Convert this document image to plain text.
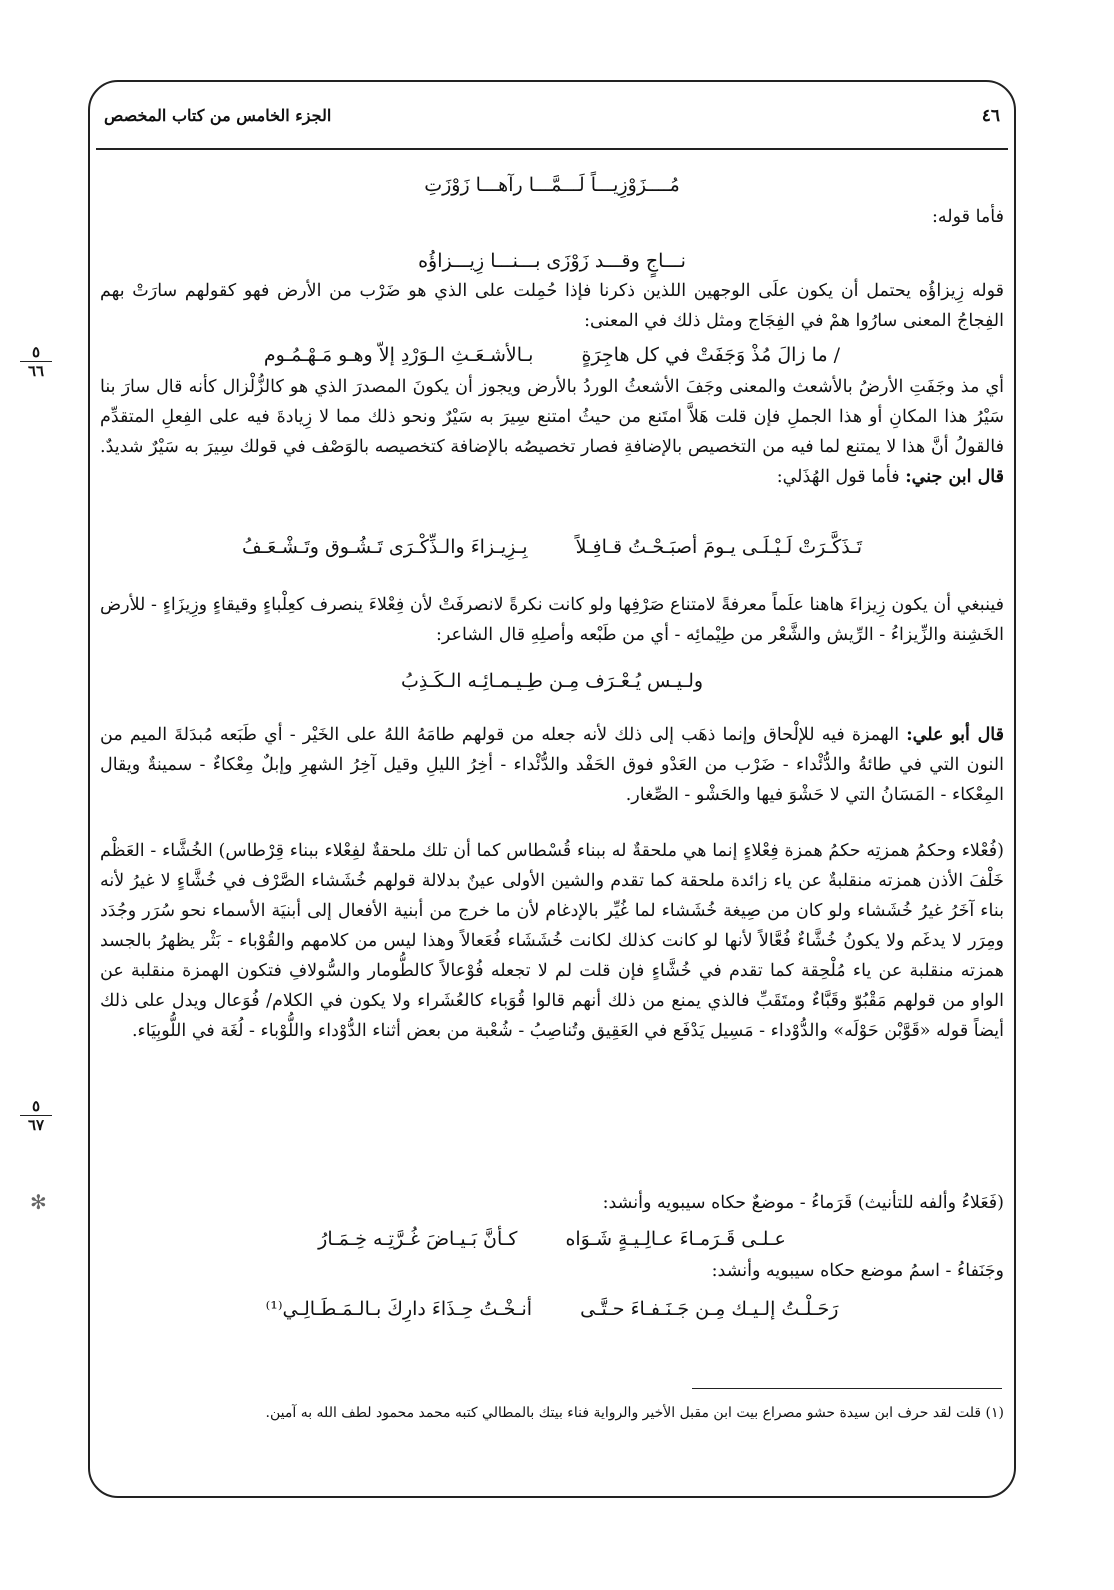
٤٦
الجزء الخامس من كتاب المخصص
مُــــزَوْزِيـــاً لَـــمَّـــا رآهـــا زَوْزَتِ
فأما قوله:
نـــاجٍ وقـــد زَوْزَى بـــنـــا زِيـــزاؤُه
قوله زِيزاؤُه يحتمل أن يكون علَى الوجهين اللذين ذكرنا فإذا حُمِلت على الذي هو ضَرْب من الأرض فهو كقولهم سارَتْ بهم الفِجاجُ المعنى سارُوا همْ في الفِجَاج ومثل ذلك في المعنى:
/ ما زالَ مُذْ وَجَفَتْ في كل هاجِرَةٍ بـالأشـعَـثِ الـوَرْدِ إلاّ وهـو مَـهْـمُـوم
٥
٦٦
أي مذ وجَفَتِ الأرضُ بالأشعث والمعنى وجَفَ الأشعثُ الوردُ بالأرض ويجوز أن يكونَ المصدرَ الذي هو كالزُّلْزال كأنه قال سارَ بنا سَيْرُ هذا المكانِ أو هذا الجملِ فإن قلت هَلاَّ امتَنع من حيثُ امتنع سِيرَ به سَيْرٌ ونحو ذلك مما لا زِيادةَ فيه على الفِعلِ المتقدِّم فالقولُ أنَّ هذا لا يمتنع لما فيه من التخصيص بالإضافةِ فصار تخصيصُه بالإضافة كتخصيصه بالوَصْف في قولك سِيرَ به سَيْرٌ شديدٌ. قال ابن جني: فأما قول الهُذَلي:
تَـذَكَّـرَتْ لَـيْـلَـى يـومَ أصبَـحْـتُ قـافِـلاً بِـزِيـزاءَ والـذِّكْـرَى تَـشُـوق وتَـشْـعَـفُ
فينبغي أن يكون زِيزاءَ هاهنا علَماً معرفةً لامتناع صَرْفِها ولو كانت نكرةً لانصرفَتْ لأن فِعْلاءَ ينصرف كعِلْباءٍ وقيقاءٍ وزِيزَاءٍ - للأرض الخَشِنة والزِّيزاءُ - الرِّيش والشَّعْر من طِيْمائِه - أي من طَبْعه وأصلِهِ قال الشاعر:
ولـيـس يُـعْـرَف مِـن طِـيـمـائِـه الـكَـذِبُ
قال أبو علي: الهمزة فيه للإلْحاق وإنما ذهَب إلى ذلك لأنه جعله من قولهم طامَهُ اللهُ على الخَيْر - أي طَبَعه مُبدَلةَ الميم من النون التي في طائةُ والدُّئْداء - ضَرْب من العَدْو فوق الحَفْد والدُّئْداء - أخِرُ الليلِ وقيل آخِرُ الشهرِ وإبلٌ مِعْكاءٌ - سمينةٌ ويقال المِعْكاء - المَسَانُ التي لا حَشْوَ فيها والحَشْو - الصِّغار.
(فُعْلاء وحكمُ همزتِه حكمُ همزة فِعْلاءٍ إنما هي ملحقةٌ له ببناء قُسْطاس كما أن تلك ملحقةٌ لفِعْلاء ببناء قِرْطاس) الخُشَّاء - العَظْم خَلْفَ الأذن همزته منقلبةٌ عن ياء زائدة ملحقة كما تقدم والشين الأولى عينٌ بدلالة قولهم خُشَشاء الصَّرْف في خُشَّاءٍ لا غيرُ لأنه بناء آخَرُ غيرُ خُشَشاء ولو كان من صِيغة خُشَشاء لما غُيِّر بالإدغام لأن ما خرج من أبنية الأفعال إلى أبنيَة الأسماء نحو سُرَر وجُدَد ومِرَر لا يدغَم ولا يكونُ خُشَّاءٌ فُعَّالاً لأنها لو كانت كذلك لكانت خُشَشَاء فُعَعالاً وهذا ليس من كلامهم والقُوْباء - بَثْر يظهرُ بالجسد همزته منقلبة عن ياء مُلْحِقة كما تقدم في خُشَّاءٍ فإن قلت لم لا تجعله فُوْعالاً كالطُّومار والسُّولافِ فتكون الهمزة منقلبة عن الواو من قولهم مَقْبُوّ وقَبَّاءٌ ومتَقَبِّ فالذي يمنع من ذلك أنهم قالوا قُوَباء كالعُشَراء ولا يكون في الكلام/ فُوَعال ويدل على ذلك أيضاً قوله «قَوَّبْن حَوْلَه» والدُّوْداء - مَسِيل يَدْفَع في العَقِيق وتُناصِبُ - شُعْبة من بعض أثناء الدُّوْداء واللُّوْباء - لُغَة في اللُّوبِيَاء.
✻
٥
٦٧
(فَعَلاءُ وألفه للتأنيث) قَرَماءُ - موضعٌ حكاه سيبويه وأنشد:
عـلـى قَـرَمـاءَ عـالِـيـةٍ شَـوَاه كـأنَّ بَـيـاضَ غُـرَّتِـه خِـمَـارُ
وجَنَفاءُ - اسمُ موضع حكاه سيبويه وأنشد:
رَحَـلْـتُ إلـيـك مِـن جَـنَـفـاءَ حـتَّـى أنـخْـتُ حِـذَاءَ دارِكَ بـالـمَـطَـالِـي⁽¹⁾
(١) قلت لقد حرف ابن سيدة حشو مصراع بيت ابن مقبل الأخير والرواية فناء بيتك بالمطالي كتبه محمد محمود لطف الله به آمين.
